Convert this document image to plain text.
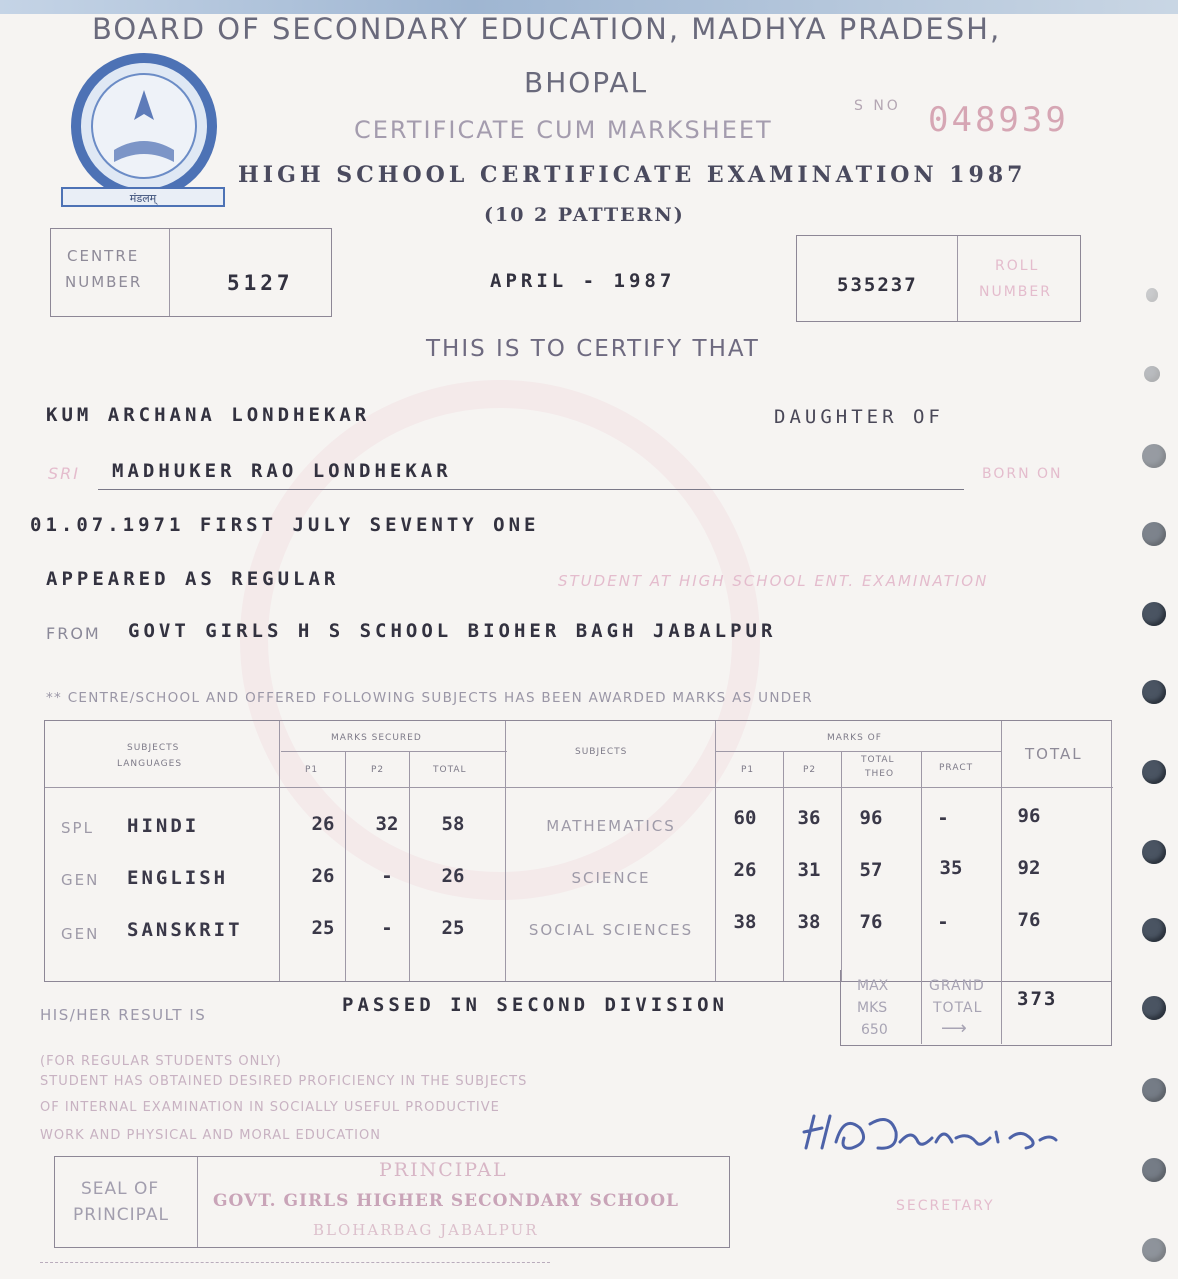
मंडलम्
BOARD OF SECONDARY EDUCATION, MADHYA PRADESH,
BHOPAL
CERTIFICATE CUM MARKSHEET
S NO 048939
HIGH SCHOOL CERTIFICATE EXAMINATION 1987
(10 2 PATTERN)
CENTRE
NUMBER	5127	APRIL - 1987	535237
ROLL
NUMBER
THIS IS TO CERTIFY THAT
KUM ARCHANA LONDHEKAR	DAUGHTER OF
SRI MADHUKER RAO LONDHEKAR	BORN ON
01.07.1971 FIRST JULY SEVENTY ONE
APPEARED AS REGULAR	STUDENT AT HIGH SCHOOL ENT. EXAMINATION
FROM GOVT GIRLS H S SCHOOL BIOHER BAGH JABALPUR
** CENTRE/SCHOOL AND OFFERED FOLLOWING SUBJECTS HAS BEEN AWARDED MARKS AS UNDER
SUBJECTS
LANGUAGES
MARKS SECURED
P1	P2	TOTAL
SUBJECTS
MARKS OF
P1	P2
TOTAL
THEO
PRACT
TOTAL
SPL HINDI	26	32	58	MATHEMATICS	60	36	96	-	96
GEN ENGLISH	26	-	26	SCIENCE	26	31	57	35	92
GEN SANSKRIT	25	-	25	SOCIAL SCIENCES	38	38	76	-	76
HIS/HER RESULT IS	PASSED IN SECOND DIVISION
MAX
MKS
650
GRAND
TOTAL
⟶
373
(FOR REGULAR STUDENTS ONLY)
STUDENT HAS OBTAINED DESIRED PROFICIENCY IN THE SUBJECTS
OF INTERNAL EXAMINATION IN SOCIALLY USEFUL PRODUCTIVE
WORK AND PHYSICAL AND MORAL EDUCATION
SECRETARY
SEAL OF
PRINCIPAL
PRINCIPAL
GOVT. GIRLS HIGHER SECONDARY SCHOOL
BLOHARBAG JABALPUR
